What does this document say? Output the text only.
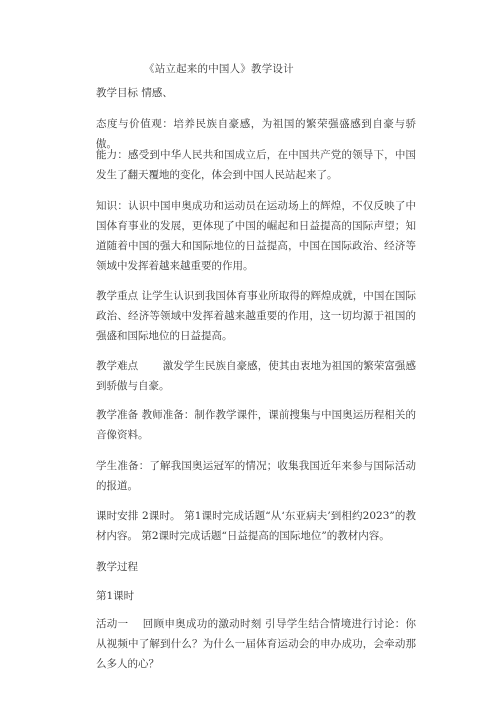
《站立起来的中国人》教学设计
教学目标 情感、
态度与价值观：培养民族自豪感，为祖国的繁荣强盛感到自豪与骄傲。
能力：感受到中华人民共和国成立后，在中国共产党的领导下，中国发生了翻天覆地的变化，体会到中国人民站起来了。
知识：认识中国申奥成功和运动员在运动场上的辉煌，不仅反映了中国体育事业的发展，更体现了中国的崛起和日益提高的国际声望；知道随着中国的强大和国际地位的日益提高，中国在国际政治、经济等领域中发挥着越来越重要的作用。
教学重点 让学生认识到我国体育事业所取得的辉煌成就，中国在国际政治、经济等领域中发挥着越来越重要的作用，这一切均源于祖国的强盛和国际地位的日益提高。
教学难点 　　激发学生民族自豪感，使其由衷地为祖国的繁荣富强感到骄傲与自豪。
教学准备 教师准备：制作教学课件，课前搜集与中国奥运历程相关的音像资料。
学生准备：了解我国奥运冠军的情况；收集我国近年来参与国际活动的报道。
课时安排 2课时。 第1课时完成话题“从‘东亚病夫’到相约2023”的教材内容。 第2课时完成话题“日益提高的国际地位”的教材内容。
教学过程
第1课时
活动一 　回顾申奥成功的激动时刻 引导学生结合情境进行讨论：你从视频中了解到什么？为什么一届体育运动会的申办成功，会牵动那么多人的心？
